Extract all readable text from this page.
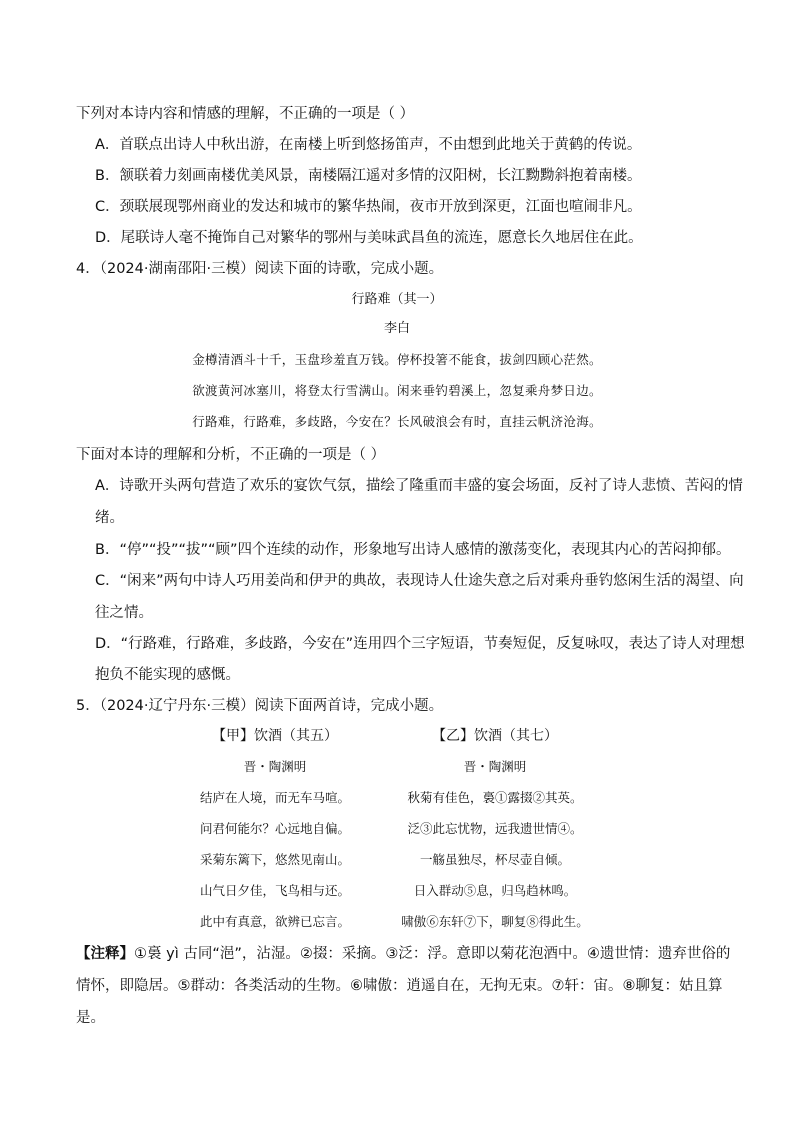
下列对本诗内容和情感的理解，不正确的一项是（ ）
A．首联点出诗人中秋出游，在南楼上听到悠扬笛声，不由想到此地关于黄鹤的传说。
B．颔联着力刻画南楼优美风景，南楼隔江遥对多情的汉阳树，长江黝黝斜抱着南楼。
C．颈联展现鄂州商业的发达和城市的繁华热闹，夜市开放到深更，江面也喧闹非凡。
D．尾联诗人毫不掩饰自己对繁华的鄂州与美味武昌鱼的流连，愿意长久地居住在此。
4．（2024·湖南邵阳·三模）阅读下面的诗歌，完成小题。
行路难（其一）
李白
金樽清酒斗十千，玉盘珍羞直万钱。停杯投箸不能食，拔剑四顾心茫然。
欲渡黄河冰塞川，将登太行雪满山。闲来垂钓碧溪上，忽复乘舟梦日边。
行路难，行路难，多歧路，今安在？长风破浪会有时，直挂云帆济沧海。
下面对本诗的理解和分析，不正确的一项是（ ）
A．诗歌开头两句营造了欢乐的宴饮气氛，描绘了隆重而丰盛的宴会场面，反衬了诗人悲愤、苦闷的情
绪。
B．“停”“投”“拔”“顾”四个连续的动作，形象地写出诗人感情的激荡变化，表现其内心的苦闷抑郁。
C．“闲来”两句中诗人巧用姜尚和伊尹的典故，表现诗人仕途失意之后对乘舟垂钓悠闲生活的渴望、向
往之情。
D．“行路难，行路难，多歧路，今安在”连用四个三字短语，节奏短促，反复咏叹，表达了诗人对理想
抱负不能实现的感慨。
5．（2024·辽宁丹东·三模）阅读下面两首诗，完成小题。
【甲】饮酒（其五）	【乙】饮酒（其七）
晋・陶渊明	晋・陶渊明
结庐在人境，而无车马喧。	秋菊有佳色，裛①露掇②其英。
问君何能尔？心远地自偏。	泛③此忘忧物，远我遗世情④。
采菊东篱下，悠然见南山。	一觞虽独尽，杯尽壶自倾。
山气日夕佳，飞鸟相与还。	日入群动⑤息，归鸟趋林鸣。
此中有真意，欲辨已忘言。	啸傲⑥东轩⑦下，聊复⑧得此生。
【注释】①裛 yì 古同“浥”，沾湿。②掇：采摘。③泛：浮。意即以菊花泡酒中。④遗世情：遗弃世俗的
情怀，即隐居。⑤群动：各类活动的生物。⑥啸傲：逍遥自在，无拘无束。⑦轩：宙。⑧聊复：姑且算
是。
